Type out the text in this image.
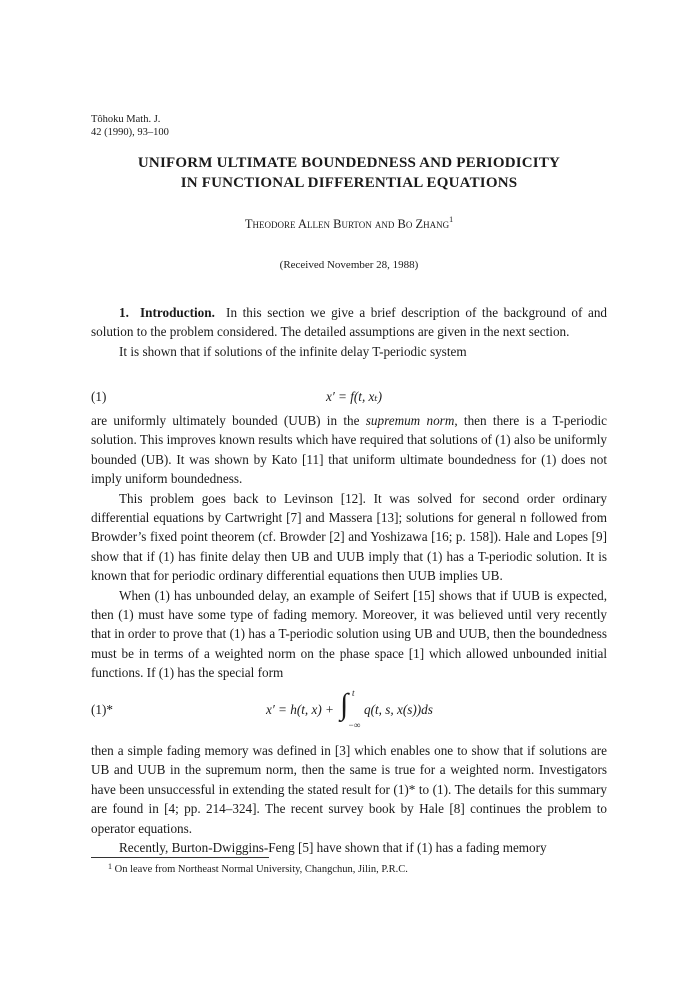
Tôhoku Math. J.
42 (1990), 93–100
UNIFORM ULTIMATE BOUNDEDNESS AND PERIODICITY
IN FUNCTIONAL DIFFERENTIAL EQUATIONS
Theodore Allen Burton and Bo Zhang$^1$
(Received November 28, 1988)

1. Introduction. In this section we give a brief description of the background of and solution to the problem considered. The detailed assumptions are given in the next section.

It is shown that if solutions of the infinite delay T-periodic system

(1)	x′ = f(t, xₜ)

are uniformly ultimately bounded (UUB) in the supremum norm, then there is a T-periodic solution. This improves known results which have required that solutions of (1) also be uniformly bounded (UB). It was shown by Kato [11] that uniform ultimate boundedness for (1) does not imply uniform boundedness.

This problem goes back to Levinson [12]. It was solved for second order ordinary differential equations by Cartwright [7] and Massera [13]; solutions for general n followed from Browder’s fixed point theorem (cf. Browder [2] and Yoshizawa [16; p. 158]). Hale and Lopes [9] show that if (1) has finite delay then UB and UUB imply that (1) has a T-periodic solution. It is known that for periodic ordinary differential equations then UUB implies UB.

When (1) has unbounded delay, an example of Seifert [15] shows that if UUB is expected, then (1) must have some type of fading memory. Moreover, it was believed until very recently that in order to prove that (1) has a T-periodic solution using UB and UUB, then the boundedness must be in terms of a weighted norm on the phase space [1] which allowed unbounded initial functions. If (1) has the special form

(1)*	x′ = h(t, x) + ∫ t
−∞
q(t, s, x(s))ds

then a simple fading memory was defined in [3] which enables one to show that if solutions are UB and UUB in the supremum norm, then the same is true for a weighted norm. Investigators have been unsuccessful in extending the stated result for (1)* to (1). The details for this summary are found in [4; pp. 214–324]. The recent survey book by Hale [8] continues the problem to operator equations.

Recently, Burton-Dwiggins-Feng [5] have shown that if (1) has a fading memory

$^1$ On leave from Northeast Normal University, Changchun, Jilin, P.R.C.
